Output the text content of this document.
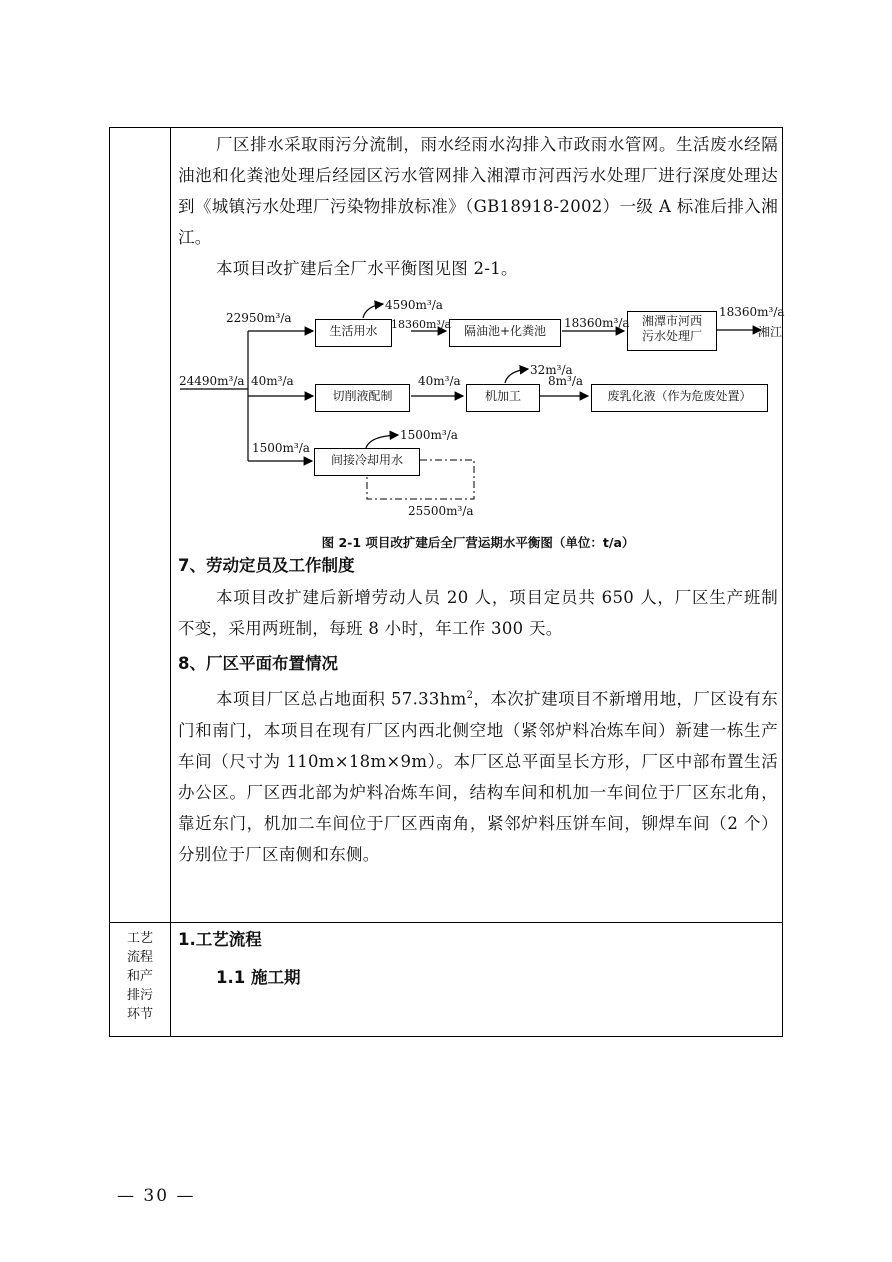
厂区排水采取雨污分流制，雨水经雨水沟排入市政雨水管网。生活废水经隔油池和化粪池处理后经园区污水管网排入湘潭市河西污水处理厂进行深度处理达到《城镇污水处理厂污染物排放标准》（GB18918-2002）一级 A 标准后排入湘江。

本项目改扩建后全厂水平衡图见图 2-1。

生活用水	隔油池+化粪池
湘潭市河西
污水处理厂
切削液配制	机加工	废乳化液（作为危废处置）
间接冷却用水
24490m³/a
22950m³/a
4590m³/a
18360m³/a	18360m³/a
18360m³/a
湘江
40m³/a	40m³/a
32m³/a
8m³/a
1500m³/a
1500m³/a
25500m³/a

图 2-1 项目改扩建后全厂营运期水平衡图（单位：t/a）

7、劳动定员及工作制度

本项目改扩建后新增劳动人员 20 人，项目定员共 650 人，厂区生产班制不变，采用两班制，每班 8 小时，年工作 300 天。

8、厂区平面布置情况

本项目厂区总占地面积 $57.33hm^2$，本次扩建项目不新增用地，厂区设有东门和南门，本项目在现有厂区内西北侧空地（紧邻炉料冶炼车间）新建一栋生产车间（尺寸为 110m×18m×9m）。本厂区总平面呈长方形，厂区中部布置生活办公区。厂区西北部为炉料冶炼车间，结构车间和机加一车间位于厂区东北角，靠近东门，机加二车间位于厂区西南角，紧邻炉料压饼车间，铆焊车间（2 个）分别位于厂区南侧和东侧。

工艺
流程
和产
排污
环节

1.工艺流程

1.1 施工期

— 30 —
